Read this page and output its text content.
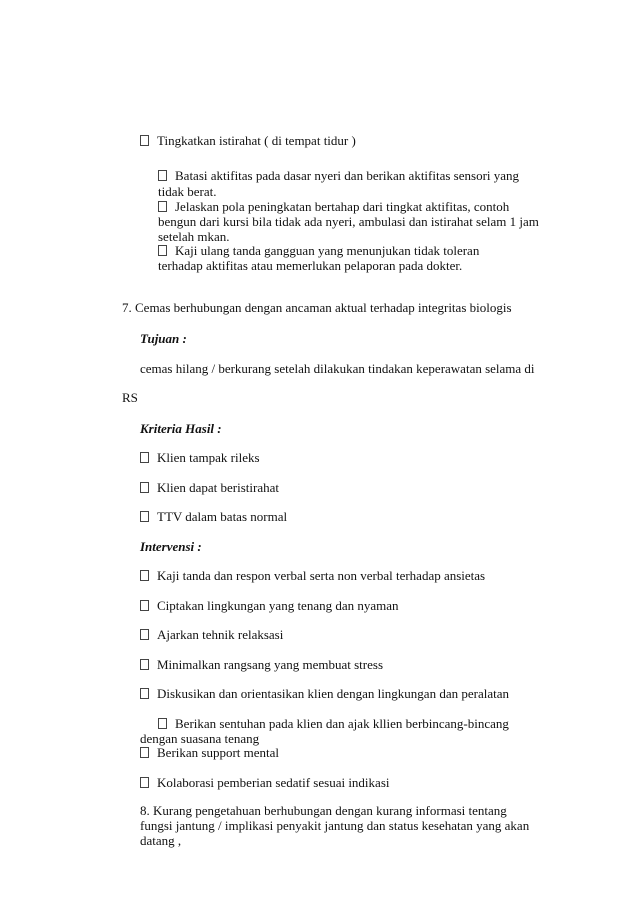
Tingkatkan istirahat ( di tempat tidur )
Batasi aktifitas pada dasar nyeri dan berikan aktifitas sensori yang
tidak berat.
Jelaskan pola peningkatan bertahap dari tingkat aktifitas, contoh
bengun dari kursi bila tidak ada nyeri, ambulasi dan istirahat selam 1 jam
setelah mkan.
Kaji ulang tanda gangguan yang menunjukan tidak toleran
terhadap aktifitas atau memerlukan pelaporan pada dokter.
7. Cemas berhubungan dengan ancaman aktual terhadap integritas biologis
Tujuan :
cemas hilang / berkurang setelah dilakukan tindakan keperawatan selama di
RS
Kriteria Hasil :
Klien tampak rileks
Klien dapat beristirahat
TTV dalam batas normal
Intervensi :
Kaji tanda dan respon verbal serta non verbal terhadap ansietas
Ciptakan lingkungan yang tenang dan nyaman
Ajarkan tehnik relaksasi
Minimalkan rangsang yang membuat stress
Diskusikan dan orientasikan klien dengan lingkungan dan peralatan
Berikan sentuhan pada klien dan ajak kllien berbincang-bincang
dengan suasana tenang
Berikan support mental
Kolaborasi pemberian sedatif sesuai indikasi
8. Kurang pengetahuan berhubungan dengan kurang informasi tentang
fungsi jantung / implikasi penyakit jantung dan status kesehatan yang akan
datang ,
